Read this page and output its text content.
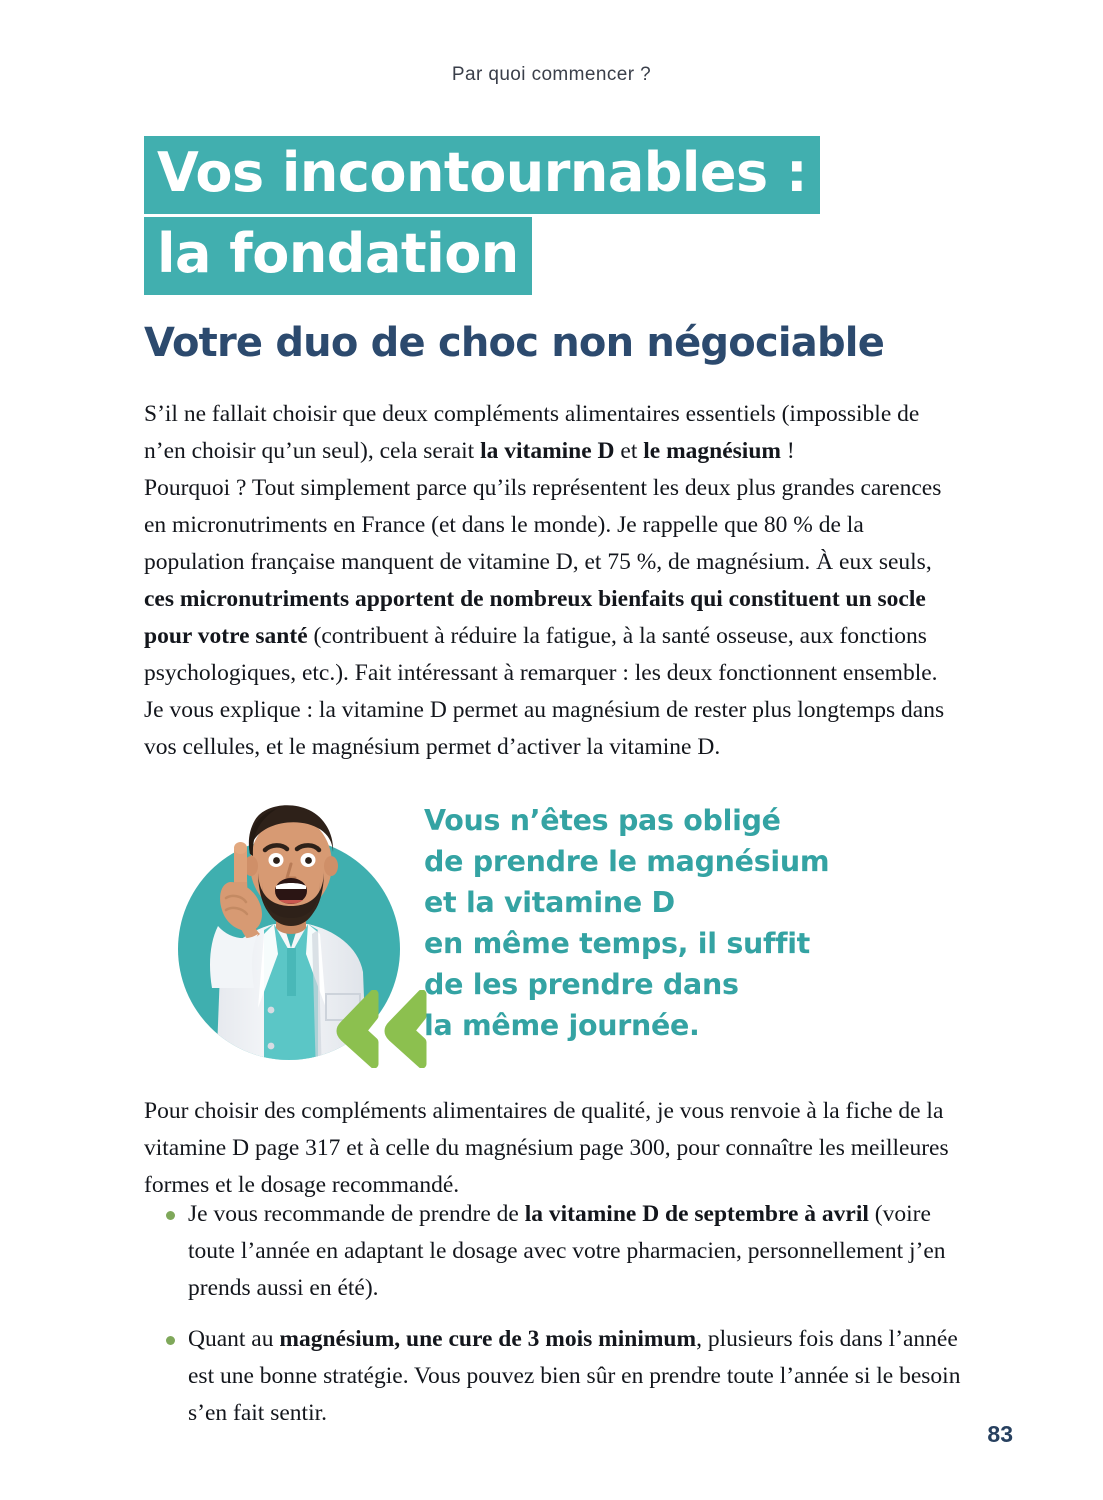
Par quoi commencer ?
Vos incontournables :
la fondation
Votre duo de choc non négociable
S’il ne fallait choisir que deux compléments alimentaires essentiels (impossible de n’en choisir qu’un seul), cela serait la vitamine D et le magnésium !
Pourquoi ? Tout simplement parce qu’ils représentent les deux plus grandes carences en micronutriments en France (et dans le monde). Je rappelle que 80 % de la population française manquent de vitamine D, et 75 %, de magnésium. À eux seuls, ces micronutriments apportent de nombreux bienfaits qui constituent un socle pour votre santé (contribuent à réduire la fatigue, à la santé osseuse, aux fonctions psychologiques, etc.). Fait intéressant à remarquer : les deux fonctionnent ensemble. Je vous explique : la vitamine D permet au magnésium de rester plus longtemps dans vos cellules, et le magnésium permet d’activer la vitamine D.
Vous n’êtes pas obligé
de prendre le magnésium
et la vitamine D
en même temps, il suffit
de les prendre dans
la même journée.
Pour choisir des compléments alimentaires de qualité, je vous renvoie à la fiche de la vitamine D page 317 et à celle du magnésium page 300, pour connaître les meilleures formes et le dosage recommandé.
Je vous recommande de prendre de la vitamine D de septembre à avril (voire toute l’année en adaptant le dosage avec votre pharmacien, personnellement j’en prends aussi en été).
Quant au magnésium, une cure de 3 mois minimum, plusieurs fois dans l’année est une bonne stratégie. Vous pouvez bien sûr en prendre toute l’année si le besoin s’en fait sentir.
83
